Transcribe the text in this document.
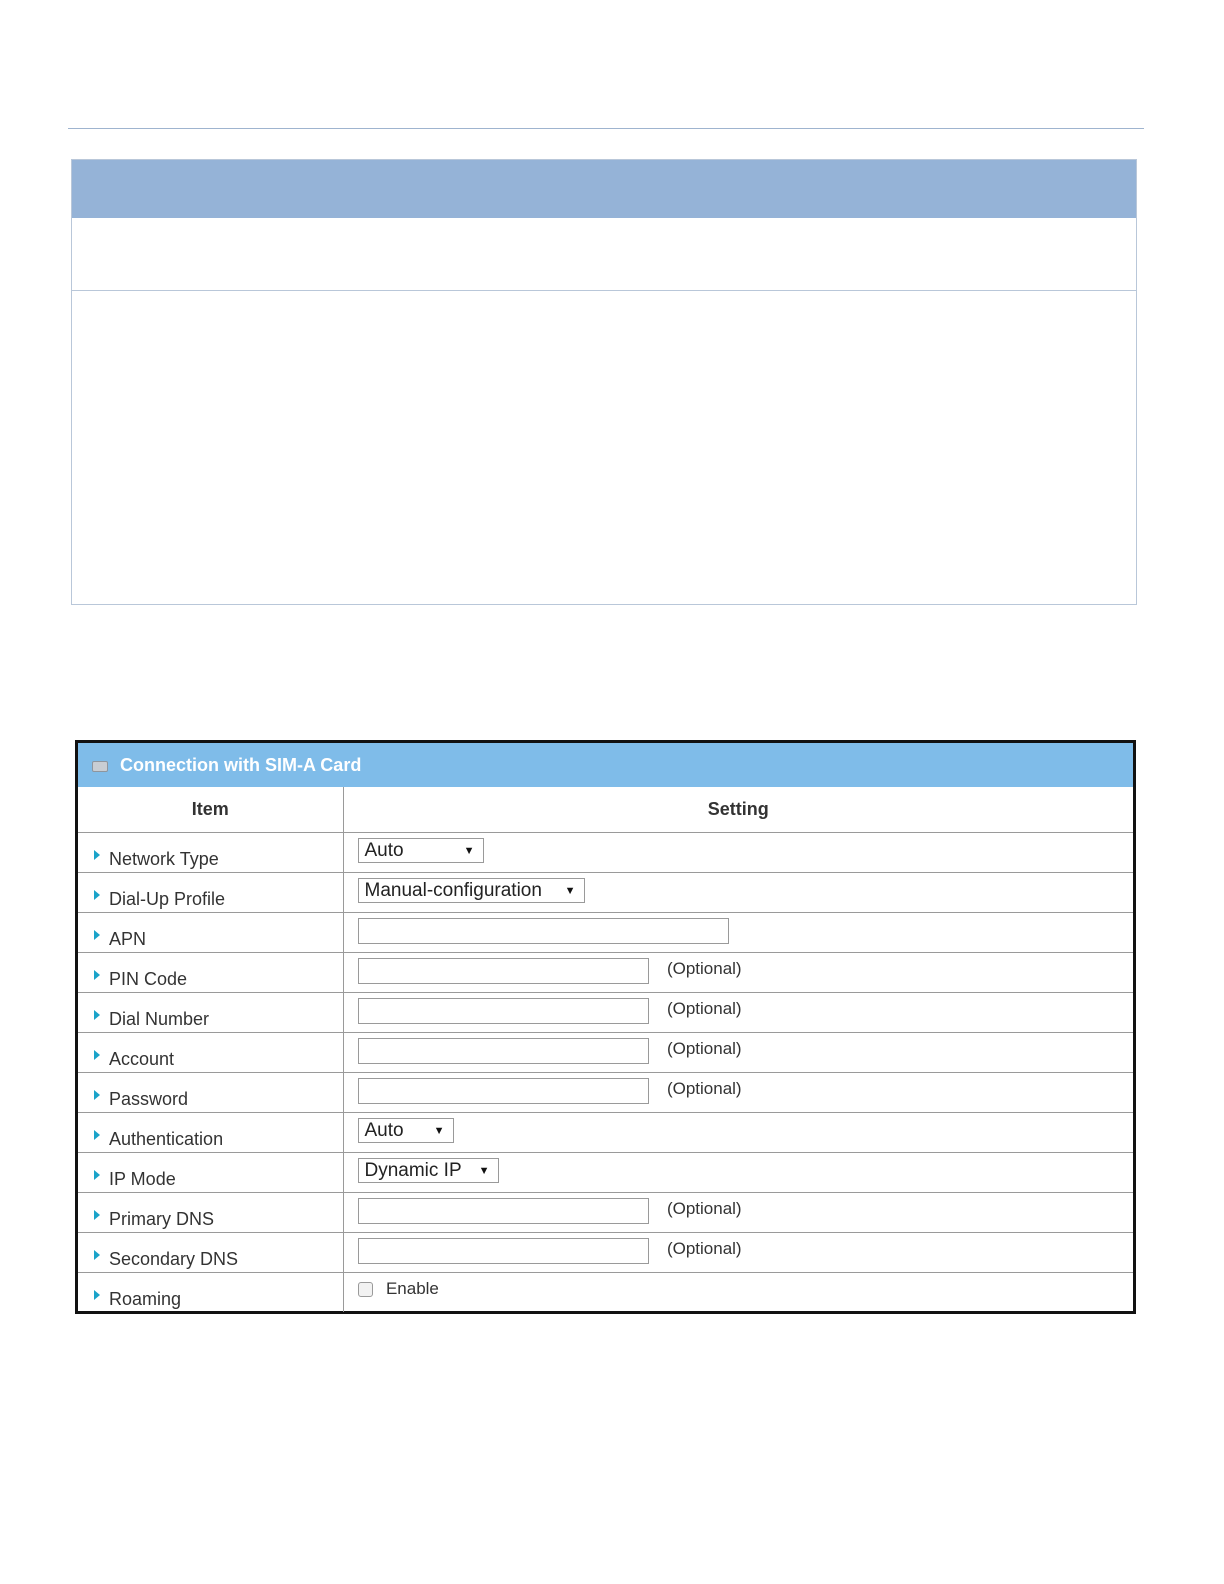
Connection with SIM-A Card
Item	Setting

Network Type	Auto ▼

Dial-Up Profile	Manual-configuration ▼

APN	

PIN Code	(Optional)

Dial Number	(Optional)

Account	(Optional)

Password	(Optional)

Authentication	Auto ▼

IP Mode	Dynamic IP ▼

Primary DNS	(Optional)

Secondary DNS	(Optional)

Roaming	Enable
